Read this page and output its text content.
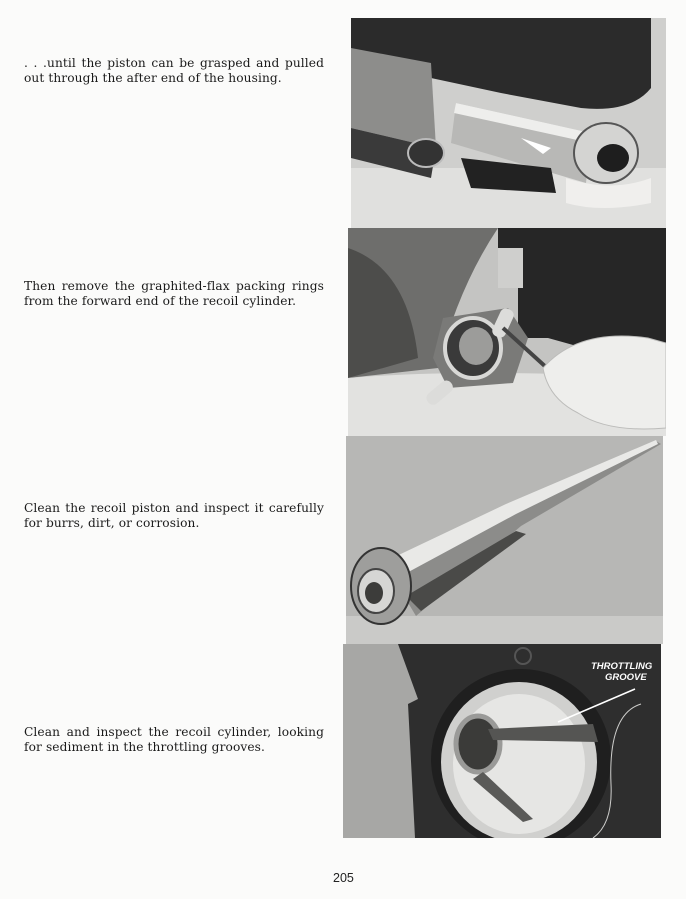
. . .until the piston can be grasped and pulled out through the after end of the housing.

Then remove the graphited-flax packing rings from the forward end of the recoil cylinder.

Clean the recoil piston and inspect it carefully for burrs, dirt, or corrosion.

Clean and inspect the recoil cylinder, looking for sediment in the throttling grooves.

THROTTLING
GROOVE
205
